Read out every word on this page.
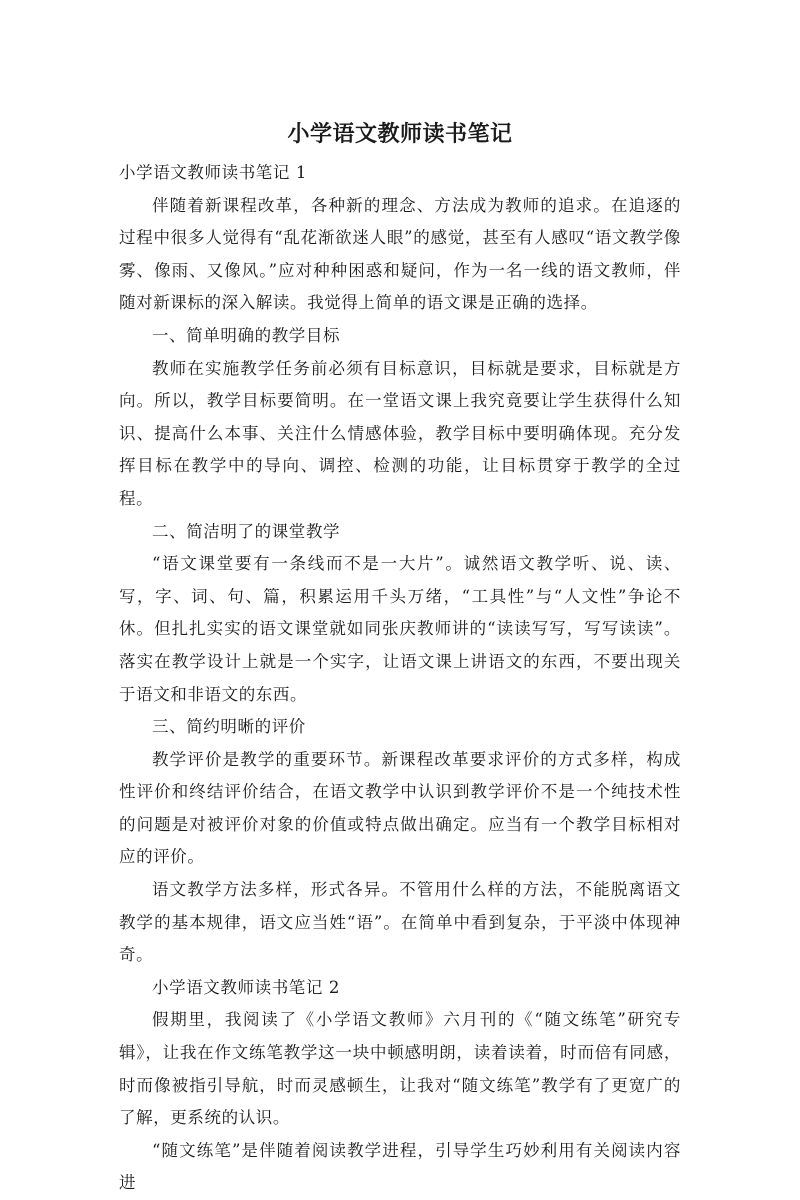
小学语文教师读书笔记

小学语文教师读书笔记 1

伴随着新课程改革，各种新的理念、方法成为教师的追求。在追逐的过程中很多人觉得有“乱花渐欲迷人眼”的感觉，甚至有人感叹“语文教学像雾、像雨、又像风。”应对种种困惑和疑问，作为一名一线的语文教师，伴随对新课标的深入解读。我觉得上简单的语文课是正确的选择。

一、简单明确的教学目标

教师在实施教学任务前必须有目标意识，目标就是要求，目标就是方向。所以，教学目标要简明。在一堂语文课上我究竟要让学生获得什么知识、提高什么本事、关注什么情感体验，教学目标中要明确体现。充分发挥目标在教学中的导向、调控、检测的功能，让目标贯穿于教学的全过程。

二、简洁明了的课堂教学

“语文课堂要有一条线而不是一大片”。诚然语文教学听、说、读、写，字、词、句、篇，积累运用千头万绪，“工具性”与“人文性”争论不休。但扎扎实实的语文课堂就如同张庆教师讲的“读读写写，写写读读”。落实在教学设计上就是一个实字，让语文课上讲语文的东西，不要出现关于语文和非语文的东西。

三、简约明晰的评价

教学评价是教学的重要环节。新课程改革要求评价的方式多样，构成性评价和终结评价结合，在语文教学中认识到教学评价不是一个纯技术性的问题是对被评价对象的价值或特点做出确定。应当有一个教学目标相对应的评价。

语文教学方法多样，形式各异。不管用什么样的方法，不能脱离语文教学的基本规律，语文应当姓“语”。在简单中看到复杂，于平淡中体现神奇。

小学语文教师读书笔记 2

假期里，我阅读了《小学语文教师》六月刊的《“随文练笔”研究专辑》，让我在作文练笔教学这一块中顿感明朗，读着读着，时而倍有同感，时而像被指引导航，时而灵感顿生，让我对“随文练笔”教学有了更宽广的了解，更系统的认识。

“随文练笔”是伴随着阅读教学进程，引导学生巧妙利用有关阅读内容进
